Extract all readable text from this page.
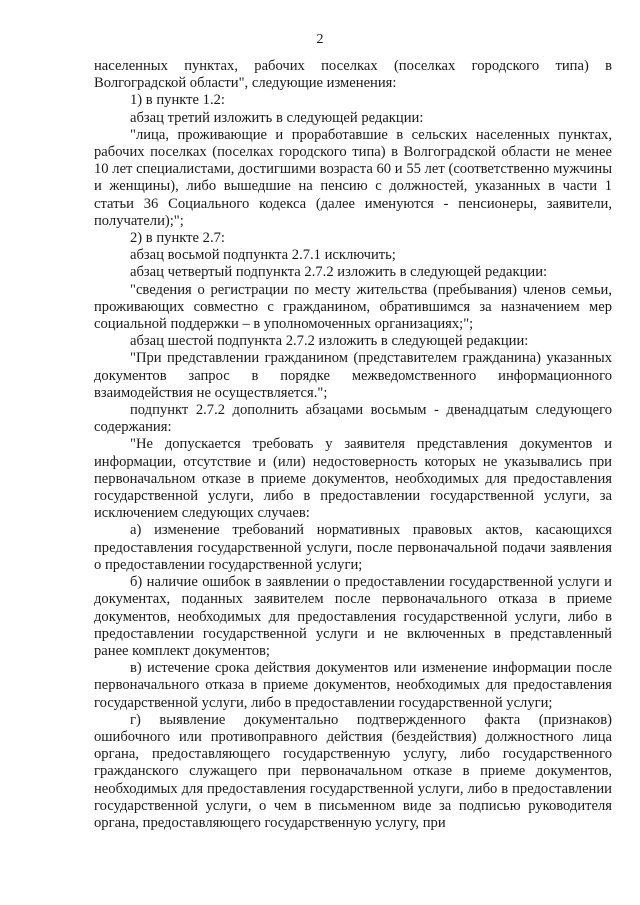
2

населенных пунктах, рабочих поселках (поселках городского типа) в Волгоградской области", следующие изменения:

1) в пункте 1.2:

абзац третий изложить в следующей редакции:

"лица, проживающие и проработавшие в сельских населенных пунктах, рабочих поселках (поселках городского типа) в Волгоградской области не менее 10 лет специалистами, достигшими возраста 60 и 55 лет (соответственно мужчины и женщины), либо вышедшие на пенсию с должностей, указанных в части 1 статьи 36 Социального кодекса (далее именуются - пенсионеры, заявители, получатели);";

2) в пункте 2.7:

абзац восьмой подпункта 2.7.1 исключить;

абзац четвертый подпункта 2.7.2 изложить в следующей редакции:

"сведения о регистрации по месту жительства (пребывания) членов семьи, проживающих совместно с гражданином, обратившимся за назначением мер социальной поддержки – в уполномоченных организациях;";

абзац шестой подпункта 2.7.2 изложить в следующей редакции:

"При представлении гражданином (представителем гражданина) указанных документов запрос в порядке межведомственного информационного взаимодействия не осуществляется.";

подпункт 2.7.2 дополнить абзацами восьмым - двенадцатым следующего содержания:

"Не допускается требовать у заявителя представления документов и информации, отсутствие и (или) недостоверность которых не указывались при первоначальном отказе в приеме документов, необходимых для предоставления государственной услуги, либо в предоставлении государственной услуги, за исключением следующих случаев:

а) изменение требований нормативных правовых актов, касающихся предоставления государственной услуги, после первоначальной подачи заявления о предоставлении государственной услуги;

б) наличие ошибок в заявлении о предоставлении государственной услуги и документах, поданных заявителем после первоначального отказа в приеме документов, необходимых для предоставления государственной услуги, либо в предоставлении государственной услуги и не включенных в представленный ранее комплект документов;

в) истечение срока действия документов или изменение информации после первоначального отказа в приеме документов, необходимых для предоставления государственной услуги, либо в предоставлении государственной услуги;

г) выявление документально подтвержденного факта (признаков) ошибочного или противоправного действия (бездействия) должностного лица органа, предоставляющего государственную услугу, либо государственного гражданского служащего при первоначальном отказе в приеме документов, необходимых для предоставления государственной услуги, либо в предоставлении государственной услуги, о чем в письменном виде за подписью руководителя органа, предоставляющего государственную услугу, при
